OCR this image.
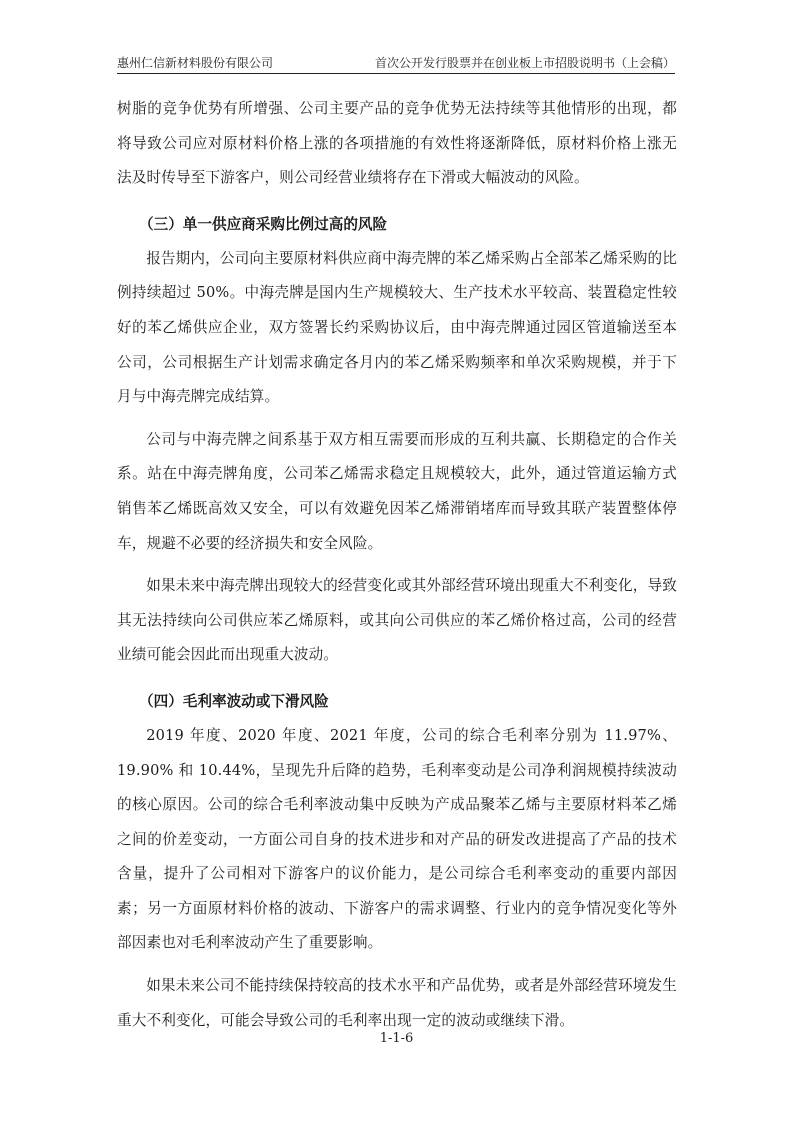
惠州仁信新材料股份有限公司	首次公开发行股票并在创业板上市招股说明书（上会稿）

树脂的竞争优势有所增强、公司主要产品的竞争优势无法持续等其他情形的出现，都将导致公司应对原材料价格上涨的各项措施的有效性将逐渐降低，原材料价格上涨无法及时传导至下游客户，则公司经营业绩将存在下滑或大幅波动的风险。

（三）单一供应商采购比例过高的风险

报告期内，公司向主要原材料供应商中海壳牌的苯乙烯采购占全部苯乙烯采购的比例持续超过 50%。中海壳牌是国内生产规模较大、生产技术水平较高、装置稳定性较好的苯乙烯供应企业，双方签署长约采购协议后，由中海壳牌通过园区管道输送至本公司，公司根据生产计划需求确定各月内的苯乙烯采购频率和单次采购规模，并于下月与中海壳牌完成结算。

公司与中海壳牌之间系基于双方相互需要而形成的互利共赢、长期稳定的合作关系。站在中海壳牌角度，公司苯乙烯需求稳定且规模较大，此外，通过管道运输方式销售苯乙烯既高效又安全，可以有效避免因苯乙烯滞销堵库而导致其联产装置整体停车，规避不必要的经济损失和安全风险。

如果未来中海壳牌出现较大的经营变化或其外部经营环境出现重大不利变化，导致其无法持续向公司供应苯乙烯原料，或其向公司供应的苯乙烯价格过高，公司的经营业绩可能会因此而出现重大波动。

（四）毛利率波动或下滑风险

2019 年度、2020 年度、2021 年度，公司的综合毛利率分别为 11.97%、19.90% 和 10.44%，呈现先升后降的趋势，毛利率变动是公司净利润规模持续波动的核心原因。公司的综合毛利率波动集中反映为产成品聚苯乙烯与主要原材料苯乙烯之间的价差变动，一方面公司自身的技术进步和对产品的研发改进提高了产品的技术含量，提升了公司相对下游客户的议价能力，是公司综合毛利率变动的重要内部因素；另一方面原材料价格的波动、下游客户的需求调整、行业内的竞争情况变化等外部因素也对毛利率波动产生了重要影响。

如果未来公司不能持续保持较高的技术水平和产品优势，或者是外部经营环境发生重大不利变化，可能会导致公司的毛利率出现一定的波动或继续下滑。

1-1-6
